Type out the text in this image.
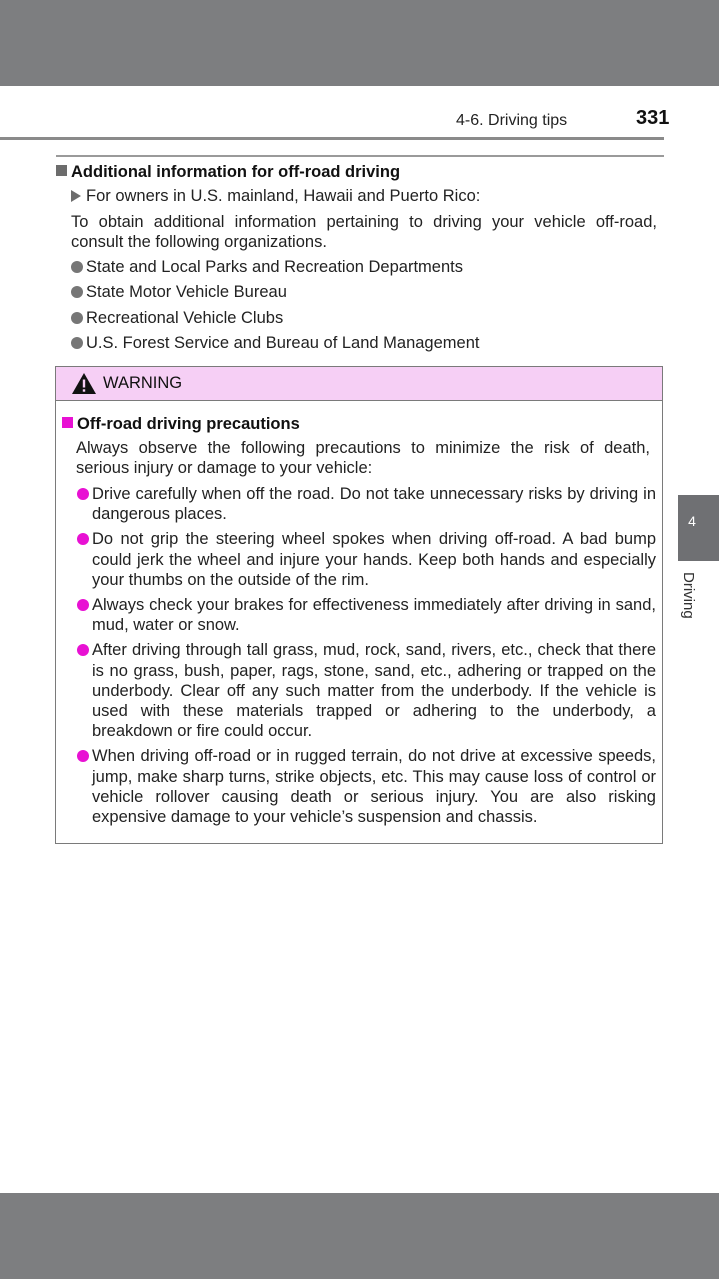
4-6. Driving tips	331
Additional information for off-road driving
For owners in U.S. mainland, Hawaii and Puerto Rico:
To obtain additional information pertaining to driving your vehicle off-road, consult the following organizations.
State and Local Parks and Recreation Departments
State Motor Vehicle Bureau
Recreational Vehicle Clubs
U.S. Forest Service and Bureau of Land Management
WARNING
Off-road driving precautions
Always observe the following precautions to minimize the risk of death, serious injury or damage to your vehicle:
Drive carefully when off the road. Do not take unnecessary risks by driving in dangerous places.
Do not grip the steering wheel spokes when driving off-road. A bad bump could jerk the wheel and injure your hands. Keep both hands and especially your thumbs on the outside of the rim.
Always check your brakes for effectiveness immediately after driving in sand, mud, water or snow.
After driving through tall grass, mud, rock, sand, rivers, etc., check that there is no grass, bush, paper, rags, stone, sand, etc., adhering or trapped on the underbody. Clear off any such matter from the underbody. If the vehicle is used with these materials trapped or adhering to the underbody, a breakdown or fire could occur.
When driving off-road or in rugged terrain, do not drive at excessive speeds, jump, make sharp turns, strike objects, etc. This may cause loss of control or vehicle rollover causing death or serious injury. You are also risking expensive damage to your vehicle’s suspension and chassis.
4
Driving
